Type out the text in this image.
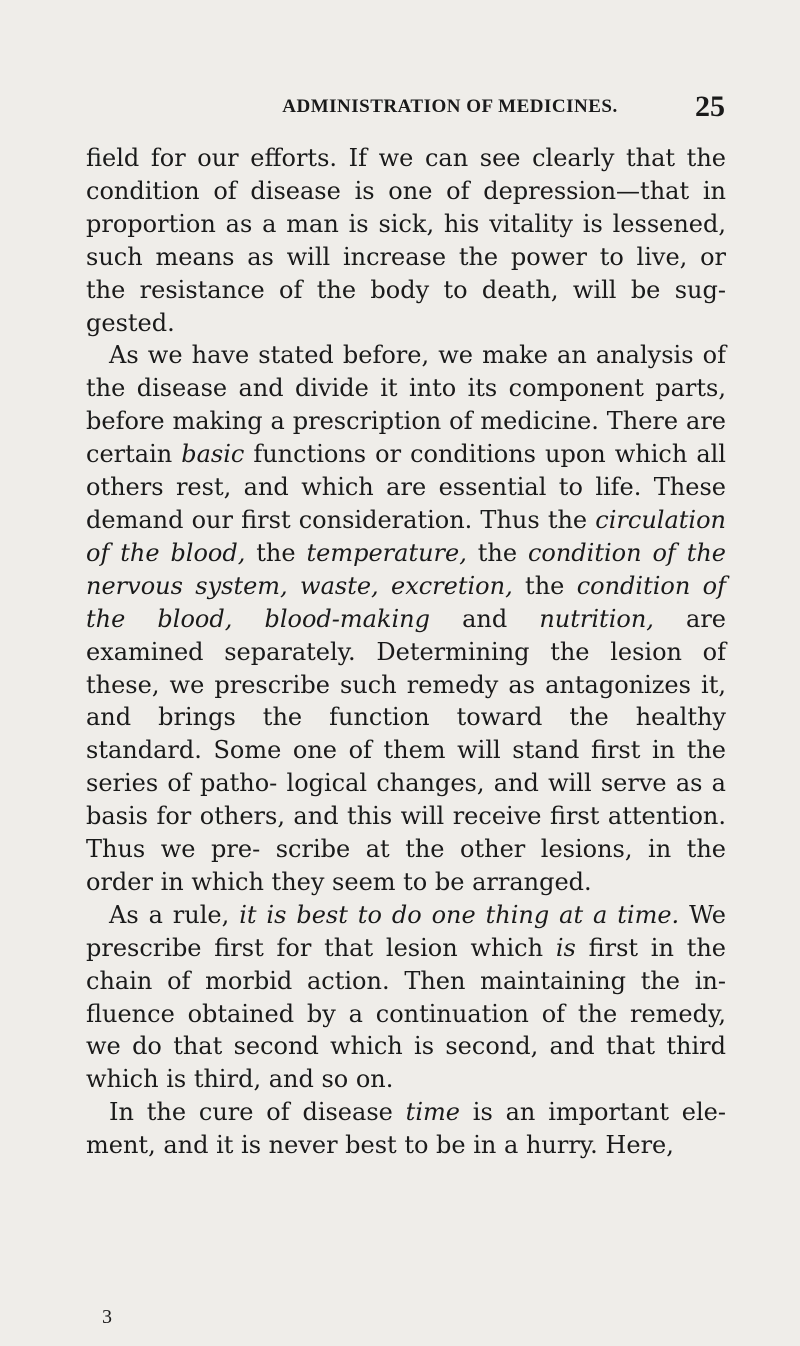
ADMINISTRATION OF MEDICINES.	25

field for our efforts. If we can see clearly that the condition of disease is one of depression—that in proportion as a man is sick, his vitality is lessened, such means as will increase the power to live, or the resistance of the body to death, will be sug- gested.

As we have stated before, we make an analysis of the disease and divide it into its component parts, before making a prescription of medicine. There are certain basic functions or conditions upon which all others rest, and which are essential to life. These demand our first consideration. Thus the circulation of the blood, the temperature, the condition of the nervous system, waste, excretion, the condition of the blood, blood-making and nutrition, are examined separately. Determining the lesion of these, we prescribe such remedy as antagonizes it, and brings the function toward the healthy standard. Some one of them will stand first in the series of patho- logical changes, and will serve as a basis for others, and this will receive first attention. Thus we pre- scribe at the other lesions, in the order in which they seem to be arranged.

As a rule, it is best to do one thing at a time. We prescribe first for that lesion which is first in the chain of morbid action. Then maintaining the in- fluence obtained by a continuation of the remedy, we do that second which is second, and that third which is third, and so on.

In the cure of disease time is an important ele- ment, and it is never best to be in a hurry. Here,

3
